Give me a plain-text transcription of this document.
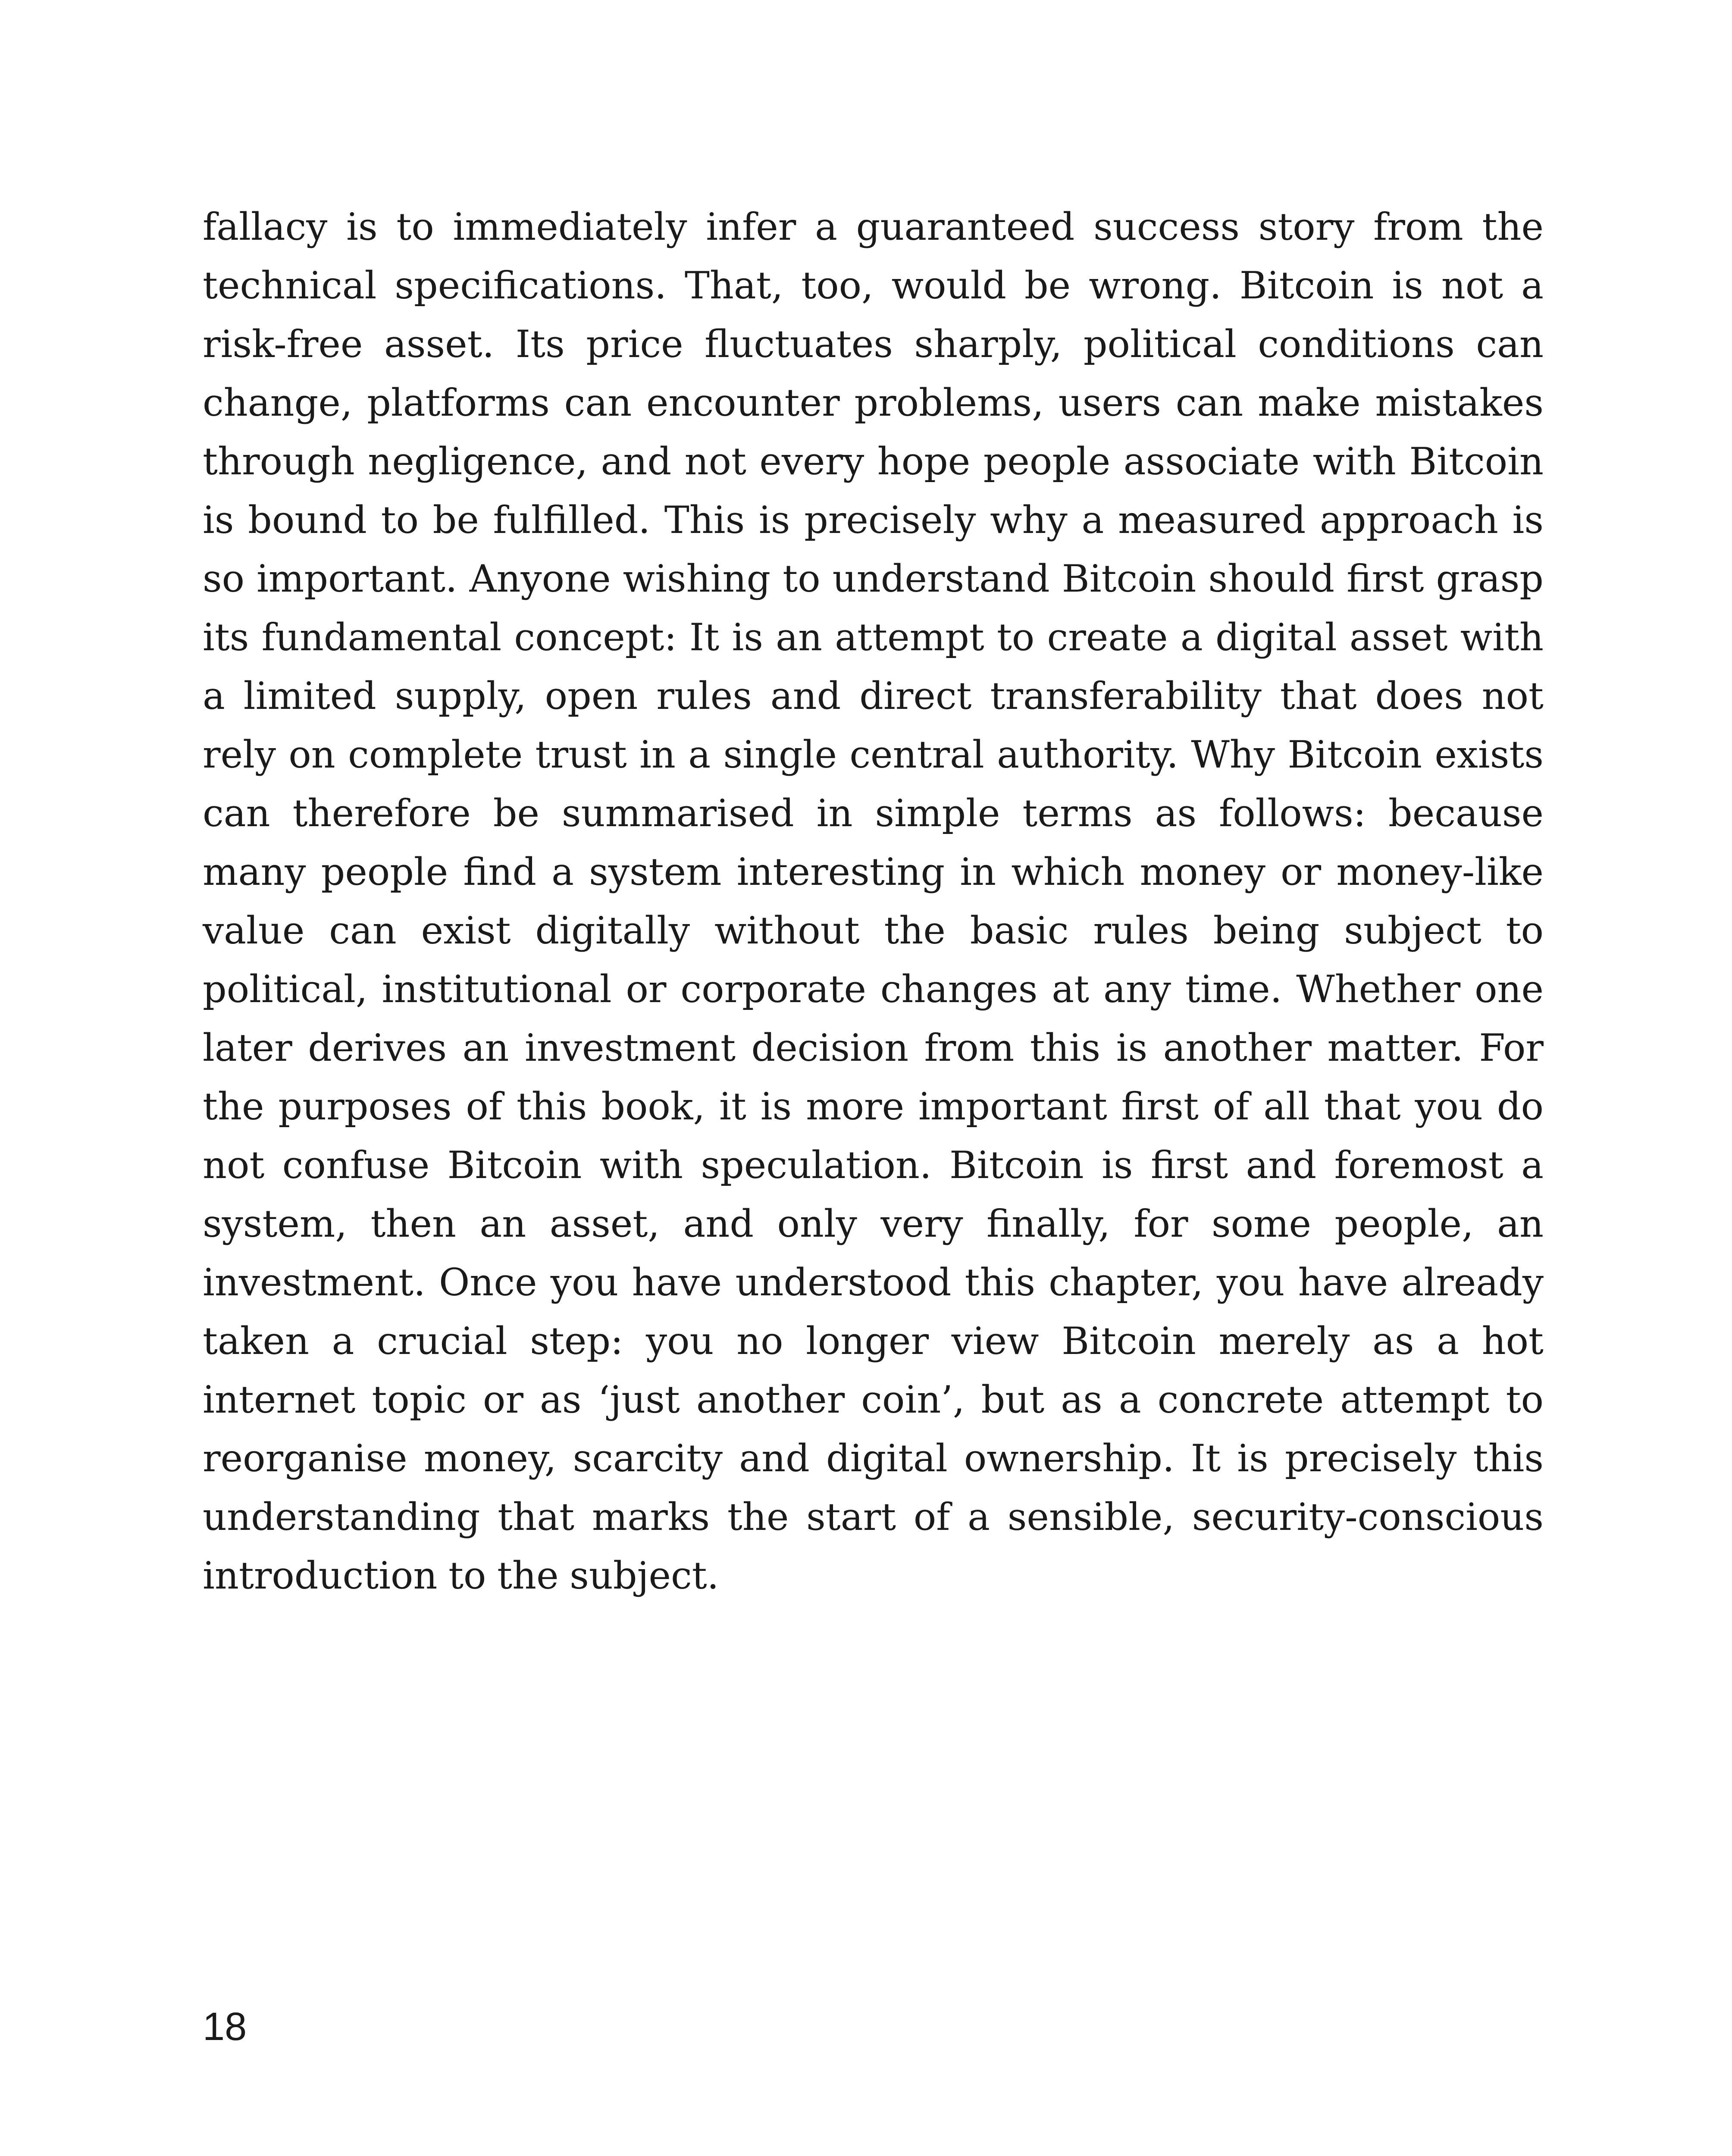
fallacy is to immediately infer a guaranteed success story from the technical specifications. That, too, would be wrong. Bitcoin is not a risk-free asset. Its price fluctuates sharply, political conditions can change, platforms can encounter problems, users can make mistakes through negligence, and not every hope people associate with Bitcoin is bound to be fulfilled. This is precisely why a measured approach is so important. Anyone wishing to understand Bitcoin should first grasp its fundamental concept: It is an attempt to create a digital asset with a limited supply, open rules and direct transferability that does not rely on complete trust in a single central authority. Why Bitcoin exists can therefore be summarised in simple terms as follows: because many people find a system interesting in which money or money-like value can exist digitally without the basic rules being subject to political, institutional or corporate changes at any time. Whether one later derives an investment decision from this is another matter. For the purposes of this book, it is more important first of all that you do not confuse Bitcoin with speculation. Bitcoin is first and foremost a system, then an asset, and only very finally, for some people, an investment. Once you have understood this chapter, you have already taken a crucial step: you no longer view Bitcoin merely as a hot internet topic or as ‘just another coin’, but as a concrete attempt to reorganise money, scarcity and digital ownership. It is precisely this understanding that marks the start of a sensible, security-conscious introduction to the subject.

18
